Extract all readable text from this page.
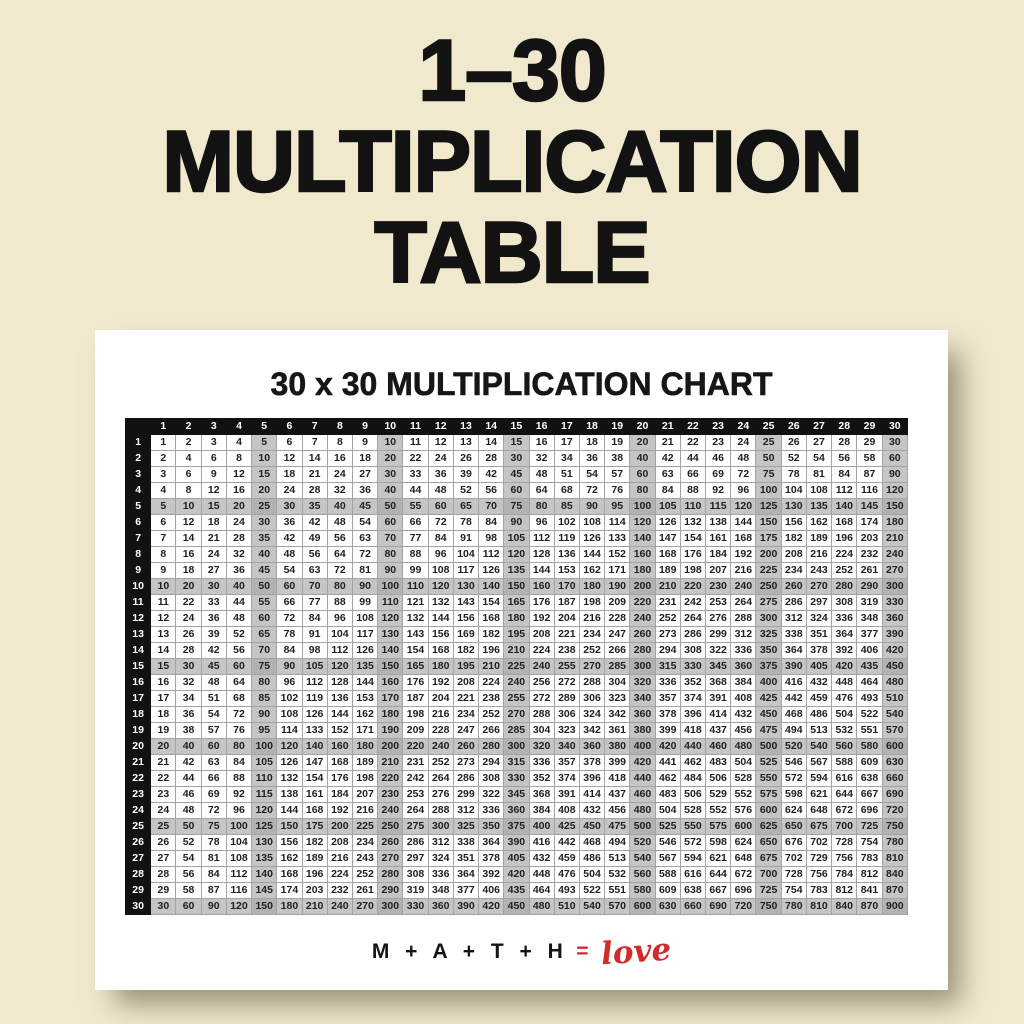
1–30
MULTIPLICATION
TABLE
30 x 30 MULTIPLICATION CHART
	1	2	3	4	5	6	7	8	9	10	11	12	13	14	15	16	17	18	19	20	21	22	23	24	25	26	27	28	29	30
1	1	2	3	4	5	6	7	8	9	10	11	12	13	14	15	16	17	18	19	20	21	22	23	24	25	26	27	28	29	30
2	2	4	6	8	10	12	14	16	18	20	22	24	26	28	30	32	34	36	38	40	42	44	46	48	50	52	54	56	58	60
3	3	6	9	12	15	18	21	24	27	30	33	36	39	42	45	48	51	54	57	60	63	66	69	72	75	78	81	84	87	90
4	4	8	12	16	20	24	28	32	36	40	44	48	52	56	60	64	68	72	76	80	84	88	92	96	100	104	108	112	116	120
5	5	10	15	20	25	30	35	40	45	50	55	60	65	70	75	80	85	90	95	100	105	110	115	120	125	130	135	140	145	150
6	6	12	18	24	30	36	42	48	54	60	66	72	78	84	90	96	102	108	114	120	126	132	138	144	150	156	162	168	174	180
7	7	14	21	28	35	42	49	56	63	70	77	84	91	98	105	112	119	126	133	140	147	154	161	168	175	182	189	196	203	210
8	8	16	24	32	40	48	56	64	72	80	88	96	104	112	120	128	136	144	152	160	168	176	184	192	200	208	216	224	232	240
9	9	18	27	36	45	54	63	72	81	90	99	108	117	126	135	144	153	162	171	180	189	198	207	216	225	234	243	252	261	270
10	10	20	30	40	50	60	70	80	90	100	110	120	130	140	150	160	170	180	190	200	210	220	230	240	250	260	270	280	290	300
11	11	22	33	44	55	66	77	88	99	110	121	132	143	154	165	176	187	198	209	220	231	242	253	264	275	286	297	308	319	330
12	12	24	36	48	60	72	84	96	108	120	132	144	156	168	180	192	204	216	228	240	252	264	276	288	300	312	324	336	348	360
13	13	26	39	52	65	78	91	104	117	130	143	156	169	182	195	208	221	234	247	260	273	286	299	312	325	338	351	364	377	390
14	14	28	42	56	70	84	98	112	126	140	154	168	182	196	210	224	238	252	266	280	294	308	322	336	350	364	378	392	406	420
15	15	30	45	60	75	90	105	120	135	150	165	180	195	210	225	240	255	270	285	300	315	330	345	360	375	390	405	420	435	450
16	16	32	48	64	80	96	112	128	144	160	176	192	208	224	240	256	272	288	304	320	336	352	368	384	400	416	432	448	464	480
17	17	34	51	68	85	102	119	136	153	170	187	204	221	238	255	272	289	306	323	340	357	374	391	408	425	442	459	476	493	510
18	18	36	54	72	90	108	126	144	162	180	198	216	234	252	270	288	306	324	342	360	378	396	414	432	450	468	486	504	522	540
19	19	38	57	76	95	114	133	152	171	190	209	228	247	266	285	304	323	342	361	380	399	418	437	456	475	494	513	532	551	570
20	20	40	60	80	100	120	140	160	180	200	220	240	260	280	300	320	340	360	380	400	420	440	460	480	500	520	540	560	580	600
21	21	42	63	84	105	126	147	168	189	210	231	252	273	294	315	336	357	378	399	420	441	462	483	504	525	546	567	588	609	630
22	22	44	66	88	110	132	154	176	198	220	242	264	286	308	330	352	374	396	418	440	462	484	506	528	550	572	594	616	638	660
23	23	46	69	92	115	138	161	184	207	230	253	276	299	322	345	368	391	414	437	460	483	506	529	552	575	598	621	644	667	690
24	24	48	72	96	120	144	168	192	216	240	264	288	312	336	360	384	408	432	456	480	504	528	552	576	600	624	648	672	696	720
25	25	50	75	100	125	150	175	200	225	250	275	300	325	350	375	400	425	450	475	500	525	550	575	600	625	650	675	700	725	750
26	26	52	78	104	130	156	182	208	234	260	286	312	338	364	390	416	442	468	494	520	546	572	598	624	650	676	702	728	754	780
27	27	54	81	108	135	162	189	216	243	270	297	324	351	378	405	432	459	486	513	540	567	594	621	648	675	702	729	756	783	810
28	28	56	84	112	140	168	196	224	252	280	308	336	364	392	420	448	476	504	532	560	588	616	644	672	700	728	756	784	812	840
29	29	58	87	116	145	174	203	232	261	290	319	348	377	406	435	464	493	522	551	580	609	638	667	696	725	754	783	812	841	870
30	30	60	90	120	150	180	210	240	270	300	330	360	390	420	450	480	510	540	570	600	630	660	690	720	750	780	810	840	870	900
M + A + T + H = love
